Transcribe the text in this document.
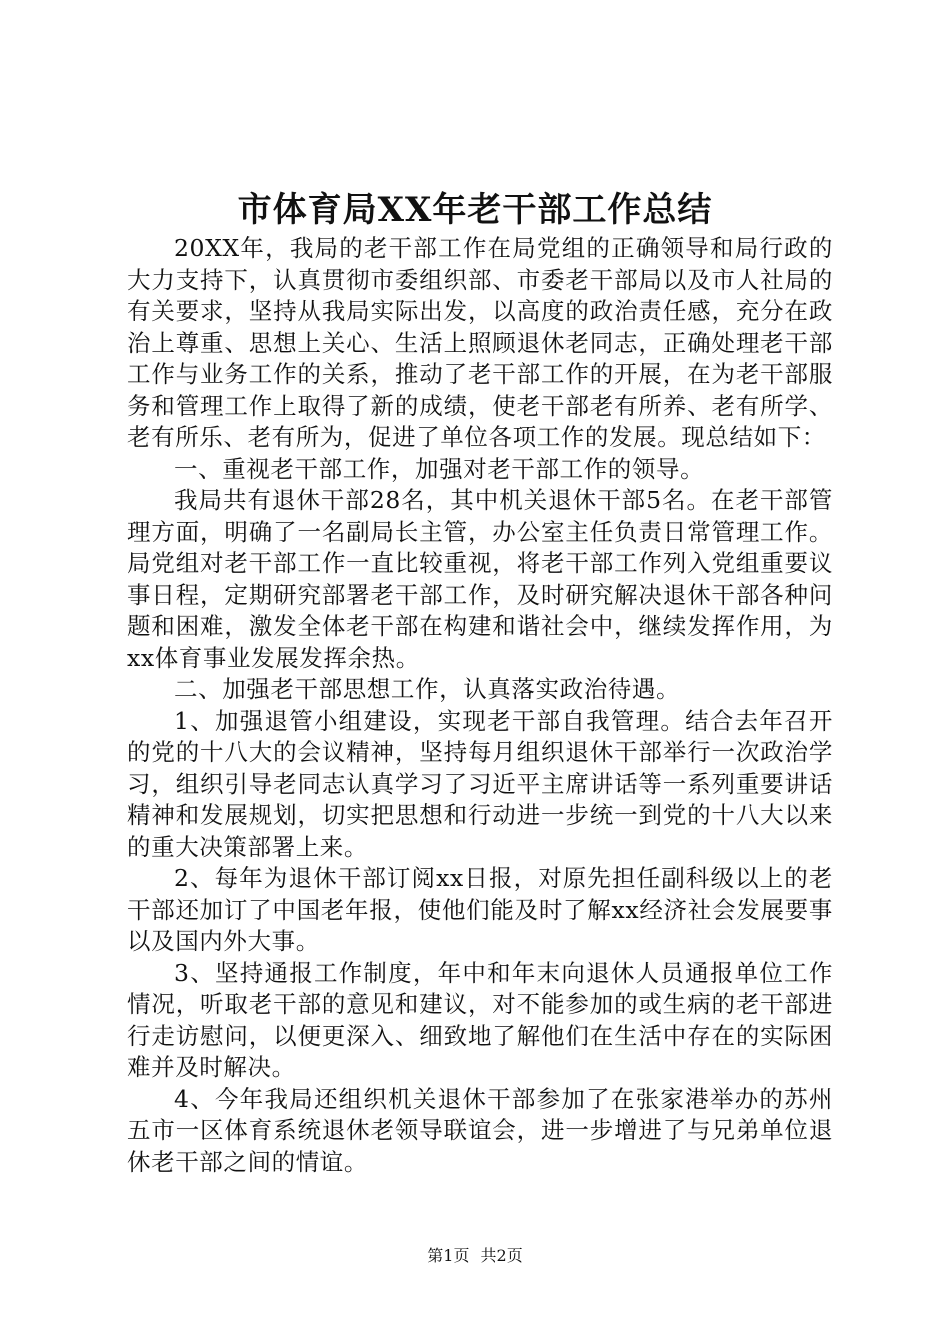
市体育局XX年老干部工作总结

20XX年，我局的老干部工作在局党组的正确领导和局行政的大力支持下，认真贯彻市委组织部、市委老干部局以及市人社局的有关要求，坚持从我局实际出发，以高度的政治责任感，充分在政治上尊重、思想上关心、生活上照顾退休老同志，正确处理老干部工作与业务工作的关系，推动了老干部工作的开展，在为老干部服务和管理工作上取得了新的成绩，使老干部老有所养、老有所学、老有所乐、老有所为，促进了单位各项工作的发展。现总结如下：

一、重视老干部工作，加强对老干部工作的领导。

我局共有退休干部28名，其中机关退休干部5名。在老干部管理方面，明确了一名副局长主管，办公室主任负责日常管理工作。局党组对老干部工作一直比较重视，将老干部工作列入党组重要议事日程，定期研究部署老干部工作，及时研究解决退休干部各种问题和困难，激发全体老干部在构建和谐社会中，继续发挥作用，为xx体育事业发展发挥余热。

二、加强老干部思想工作，认真落实政治待遇。

1、加强退管小组建设，实现老干部自我管理。结合去年召开的党的十八大的会议精神，坚持每月组织退休干部举行一次政治学习，组织引导老同志认真学习了习近平主席讲话等一系列重要讲话精神和发展规划，切实把思想和行动进一步统一到党的十八大以来的重大决策部署上来。

2、每年为退休干部订阅xx日报，对原先担任副科级以上的老干部还加订了中国老年报，使他们能及时了解xx经济社会发展要事以及国内外大事。

3、坚持通报工作制度，年中和年末向退休人员通报单位工作情况，听取老干部的意见和建议，对不能参加的或生病的老干部进行走访慰问，以便更深入、细致地了解他们在生活中存在的实际困难并及时解决。

4、今年我局还组织机关退休干部参加了在张家港举办的苏州五市一区体育系统退休老领导联谊会，进一步增进了与兄弟单位退休老干部之间的情谊。

第1页 共2页
